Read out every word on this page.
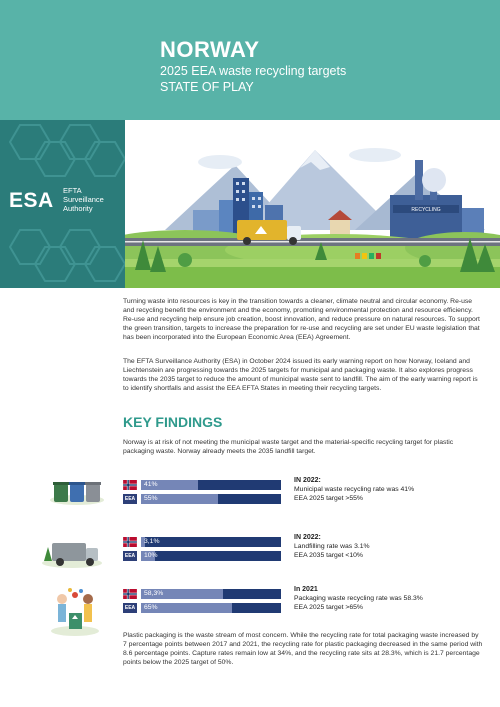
NORWAY
2025 EEA waste recycling targets
STATE OF PLAY
ESA EFTA
Surveillance
Authority	RECYCLING
Turning waste into resources is key in the transition towards a cleaner, climate neutral and circular economy. Re-use and recycling benefit the environment and the economy, promoting environmental protection and resource efficiency. Re-use and recycling help ensure job creation, boost innovation, and reduce pressure on natural resources. To support the green transition, targets to increase the preparation for re-use and recycling are set under EU waste legislation that has been incorporated into the European Economic Area (EEA) Agreement.
The EFTA Surveillance Authority (ESA) in October 2024 issued its early warning report on how Norway, Iceland and Liechtenstein are progressing towards the 2025 targets for municipal and packaging waste. It also explores progress towards the 2035 target to reduce the amount of municipal waste sent to landfill. The aim of the early warning report is to identify shortfalls and assist the EEA EFTA States in meeting their recycling targets.
KEY FINDINGS
Norway is at risk of not meeting the municipal waste target and the material-specific recycling target for plastic packaging waste. Norway already meets the 2035 landfill target.
41%
EEA 55%
IN 2022:
Municipal waste recycling rate was 41%
EEA 2025 target >55%
3,1%
EEA 10%
IN 2022:
Landfilling rate was 3.1%
EEA 2035 target <10%
58,3%
EEA 65%
In 2021
Packaging waste recycling rate was 58.3%
EEA 2025 target >65%
Plastic packaging is the waste stream of most concern. While the recycling rate for total packaging waste increased by 7 percentage points between 2017 and 2021, the recycling rate for plastic packaging decreased in the same period with 8.6 percentage points. Capture rates remain low at 34%, and the recycling rate sits at 28.3%, which is 21.7 percentage points below the 2025 target of 50%.
